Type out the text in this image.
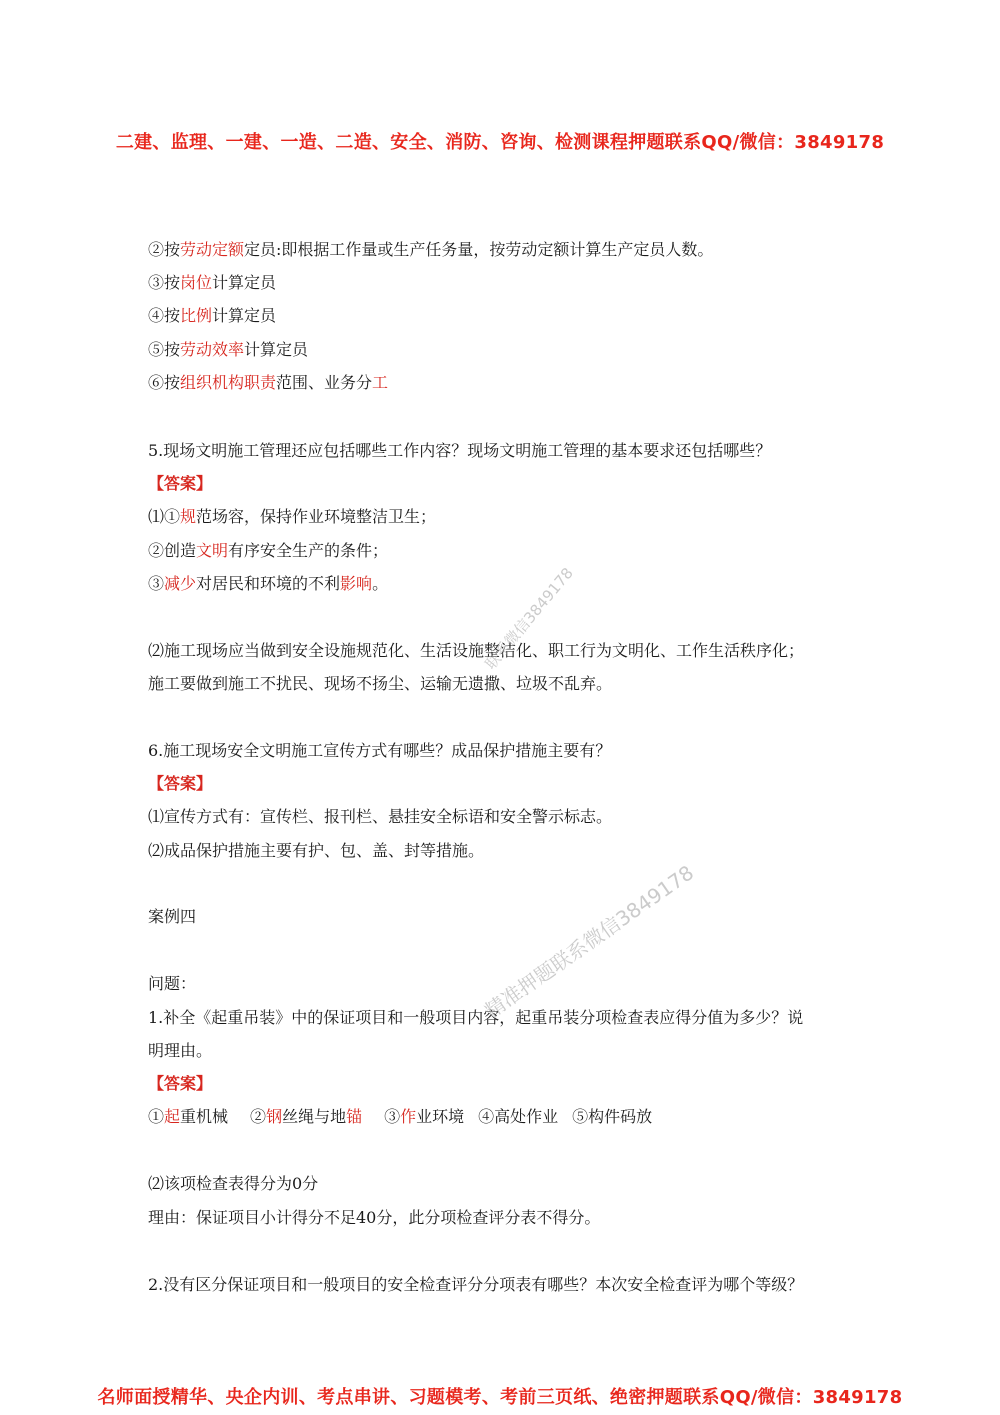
二建、监理、一建、一造、二造、安全、消防、咨询、检测课程押题联系QQ/微信：3849178
②按劳动定额定员:即根据工作量或生产任务量，按劳动定额计算生产定员人数。
③按岗位计算定员
④按比例计算定员
⑤按劳动效率计算定员
⑥按组织机构职责范围、业务分工
5.现场文明施工管理还应包括哪些工作内容？现场文明施工管理的基本要求还包括哪些？
【答案】
⑴①规范场容，保持作业环境整洁卫生；
②创造文明有序安全生产的条件；
③减少对居民和环境的不利影响。
⑵施工现场应当做到安全设施规范化、生活设施整洁化、职工行为文明化、工作生活秩序化；
施工要做到施工不扰民、现场不扬尘、运输无遗撒、垃圾不乱弃。
6.施工现场安全文明施工宣传方式有哪些？成品保护措施主要有？
【答案】
⑴宣传方式有：宣传栏、报刊栏、悬挂安全标语和安全警示标志。
⑵成品保护措施主要有护、包、盖、封等措施。
案例四
问题：
1.补全《起重吊装》中的保证项目和一般项目内容，起重吊装分项检查表应得分值为多少？说
明理由。
【答案】
①起重机械 ②钢丝绳与地锚 ③作业环境 ④高处作业 ⑤构件码放
⑵该项检查表得分为0分
理由：保证项目小计得分不足40分，此分项检查评分表不得分。
2.没有区分保证项目和一般项目的安全检查评分分项表有哪些？本次安全检查评为哪个等级？
联系微信3849178
精准押题联系微信3849178
名师面授精华、央企内训、考点串讲、习题模考、考前三页纸、绝密押题联系QQ/微信：3849178
